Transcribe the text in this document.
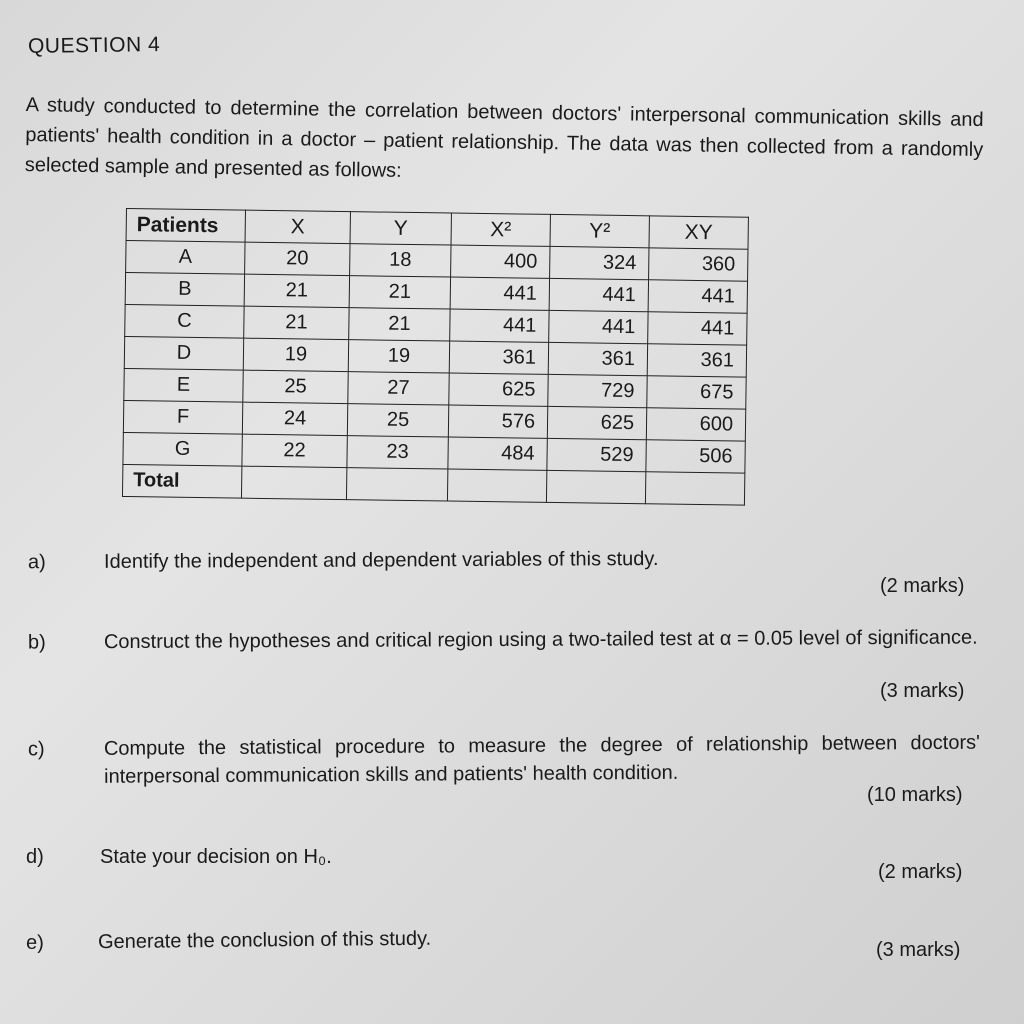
QUESTION 4
A study conducted to determine the correlation between doctors' interpersonal communication skills and patients' health condition in a doctor – patient relationship. The data was then collected from a randomly selected sample and presented as follows:
Patients	X	Y	X²	Y²	XY
A	20	18	400	324	360
B	21	21	441	441	441
C	21	21	441	441	441
D	19	19	361	361	361
E	25	27	625	729	675
F	24	25	576	625	600
G	22	23	484	529	506
Total					
a)	Identify the independent and dependent variables of this study.
(2 marks)
b)	Construct the hypotheses and critical region using a two-tailed test at α = 0.05 level of significance.
(3 marks)
c)	Compute the statistical procedure to measure the degree of relationship between doctors' interpersonal communication skills and patients' health condition.
(10 marks)
d)	State your decision on H₀.
(2 marks)
e)	Generate the conclusion of this study.	(3 marks)
